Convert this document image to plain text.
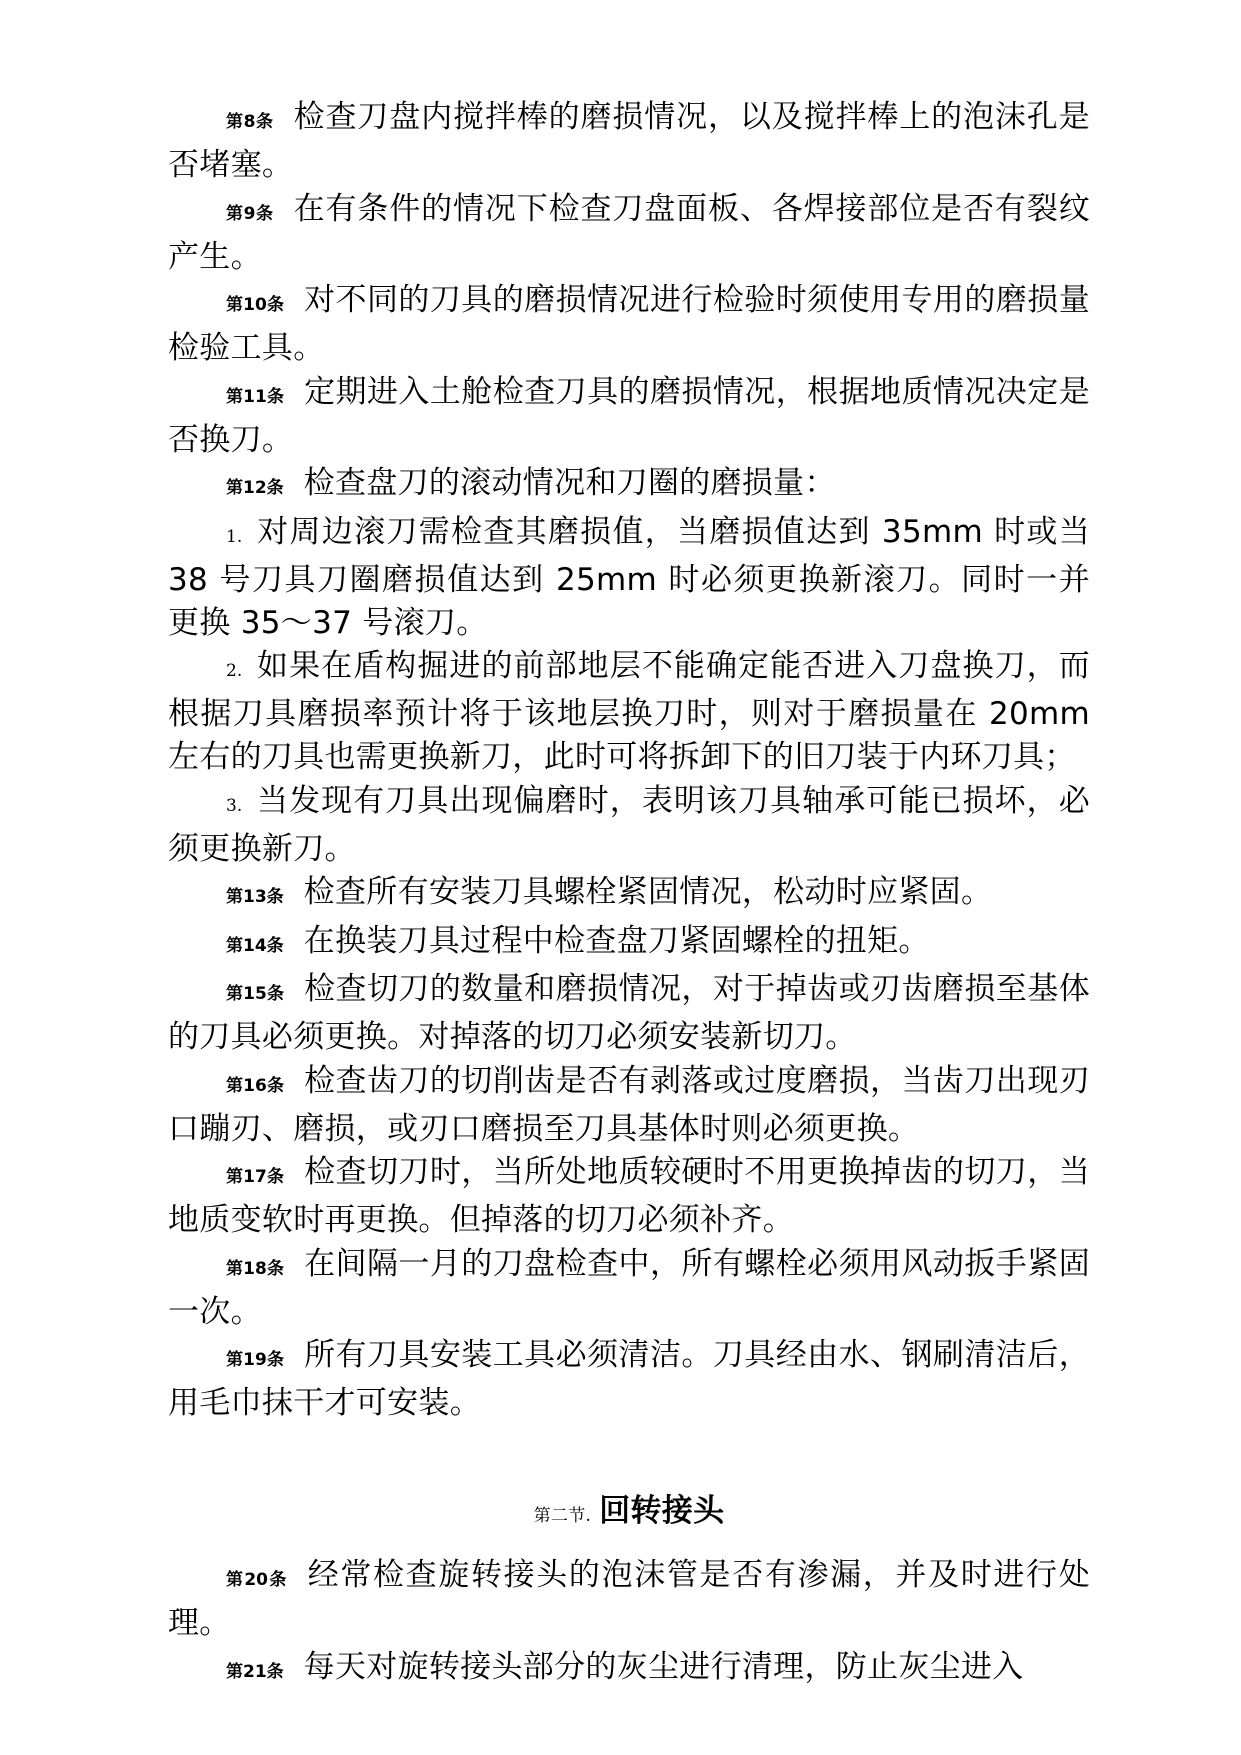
第8条 检查刀盘内搅拌棒的磨损情况，以及搅拌棒上的泡沫孔是否堵塞。

第9条 在有条件的情况下检查刀盘面板、各焊接部位是否有裂纹产生。

第10条 对不同的刀具的磨损情况进行检验时须使用专用的磨损量检验工具。

第11条 定期进入土舱检查刀具的磨损情况，根据地质情况决定是否换刀。

第12条 检查盘刀的滚动情况和刀圈的磨损量：

1. 对周边滚刀需检查其磨损值，当磨损值达到 35mm 时或当 38 号刀具刀圈磨损值达到 25mm 时必须更换新滚刀。同时一并更换 35～37 号滚刀。

2. 如果在盾构掘进的前部地层不能确定能否进入刀盘换刀，而根据刀具磨损率预计将于该地层换刀时，则对于磨损量在 20mm 左右的刀具也需更换新刀，此时可将拆卸下的旧刀装于内环刀具；

3. 当发现有刀具出现偏磨时，表明该刀具轴承可能已损坏，必须更换新刀。

第13条 检查所有安装刀具螺栓紧固情况，松动时应紧固。

第14条 在换装刀具过程中检查盘刀紧固螺栓的扭矩。

第15条 检查切刀的数量和磨损情况，对于掉齿或刃齿磨损至基体的刀具必须更换。对掉落的切刀必须安装新切刀。

第16条 检查齿刀的切削齿是否有剥落或过度磨损，当齿刀出现刃口蹦刃、磨损，或刃口磨损至刀具基体时则必须更换。

第17条 检查切刀时，当所处地质较硬时不用更换掉齿的切刀，当地质变软时再更换。但掉落的切刀必须补齐。

第18条 在间隔一月的刀盘检查中，所有螺栓必须用风动扳手紧固一次。

第19条 所有刀具安装工具必须清洁。刀具经由水、钢刷清洁后，用毛巾抹干才可安装。

第二节. 回转接头

第20条 经常检查旋转接头的泡沫管是否有渗漏，并及时进行处理。

第21条 每天对旋转接头部分的灰尘进行清理，防止灰尘进入
